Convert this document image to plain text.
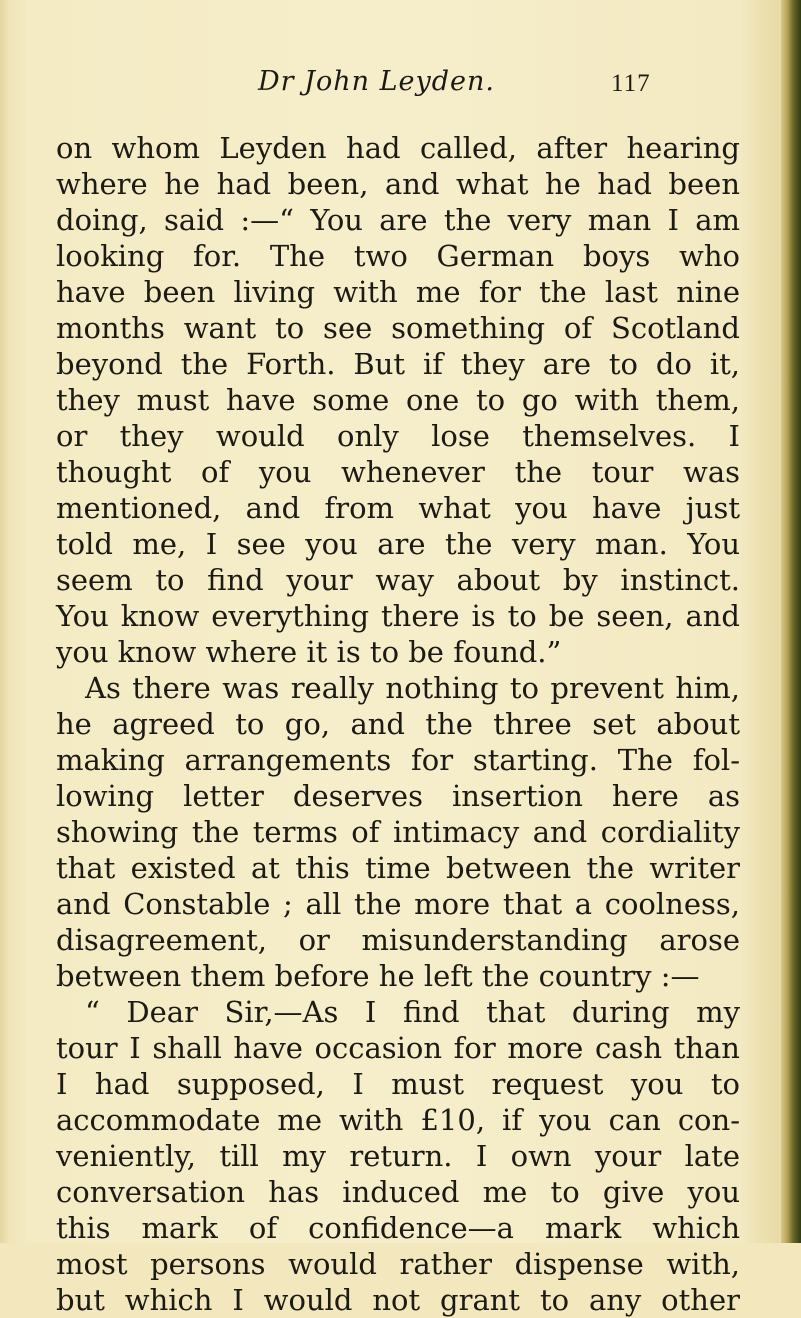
Dr John Leyden.	117
on whom Leyden had called, after hearing
where he had been, and what he had been
doing, said :—“ You are the very man I am
looking for. The two German boys who
have been living with me for the last nine
months want to see something of Scotland
beyond the Forth. But if they are to do it,
they must have some one to go with them,
or they would only lose themselves. I
thought of you whenever the tour was
mentioned, and from what you have just
told me, I see you are the very man. You
seem to find your way about by instinct.
You know everything there is to be seen, and
you know where it is to be found.”
As there was really nothing to prevent him,
he agreed to go, and the three set about
making arrangements for starting. The fol-
lowing letter deserves insertion here as
showing the terms of intimacy and cordiality
that existed at this time between the writer
and Constable ; all the more that a coolness,
disagreement, or misunderstanding arose
between them before he left the country :—
“ Dear Sir,—As I find that during my
tour I shall have occasion for more cash than
I had supposed, I must request you to
accommodate me with £10, if you can con-
veniently, till my return. I own your late
conversation has induced me to give you
this mark of confidence—a mark which
most persons would rather dispense with,
but which I would not grant to any other
